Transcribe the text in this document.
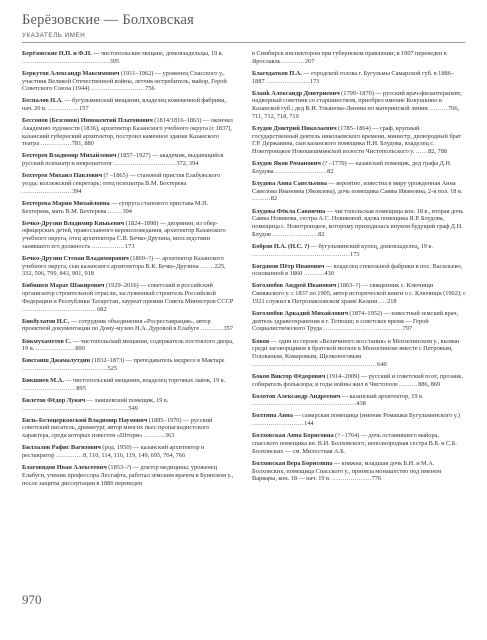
Берёзовские — Болховская
УКАЗАТЕЛЬ ИМЕН

Берёзовские Н.П. и Ф.Н. — чистопольские мещане, домовладельцы, 19 в. ..........................................395

Беркутов Александр Максимович (1911–1962) — уроженец Спасского у., участник Великой Отечественной войны, летчик-истребитель, майор, Герой Советского Союза (1944) ..........................756

Беспалов Н.А. — бугульминский мещанин, владелец кожевенной фабрики, нач. 20 в. ...............157

Бессонов (Безсонов) Иннокентий Платонович (1814/1816–1863) — окончил Академию художеств (1836), архитектор Казанского учебного округа (с 1837), казанский губернский архитектор, построил каменное здание Казанского театра ...............781, 880

Бехтерев Владимир Михайлович (1857–1927) — академик, выдающийся русский психиатр и невропатолог ..............................372, 394

Бехтерев Михаил Павлович (? –1865) — становой пристав Елабужского уезда; коллежский секретарь; отец психиатра В.М. Бехтерева ........................394

Бехтерева Мария Михайловна — супруга станового пристава М.П. Бехтерева, мать В.М. Бехтерева .......394

Бечко-Друзин Владимир Кныьевич (1824–1898) — дворянин, из обер-офицерских детей, православного вероисповедания, архитектор Казанского учебного округа, отец архитектора С.В. Бечко-Друзина, впоследствии занявшего его должность ................173

Бечко-Друзин Степан Владимирович (1869–?) — архитектор Казанского учебного округа, сын казанского архитектора В.К. Бечко-Друзина .......225, 332, 506, 799, 843, 901, 918

Бибишев Марат Шакирович (1929–2016) — советский и российский организатор строительной отрасли, заслуженный строитель Российской Федерации и Республики Татарстан, лауреат премии Совета Министров СССР ....................................682

Бикбулатов Н.С. — сотрудник объединения «Росреставрация», автор проектной документации по Дому-музею Н.А. Дуровой в Елабуге ...........357

Бикмухаметов С. — чистопольский мещанин, содержатель постоялого двора, 19 в. ...................890

Биктаиш Джамалутдин (1832–1873) — преподаватель медресе в Мактаре .........................................525

Бикшиев М.А. — чистопольский мещанин, владелец торговых лавок, 19 в. ..........................895

Билетов Фёдор Лукич — лаишевский помещик, 19 в. ...................................................549

Биль-Белоцерковский Владимир Наумович (1885–1970) — русский советский писатель, драматург, автор многих пьес пропагандистского характера, среди которых известен «Шторм» ..........363

Биллалов Рафис Вагизович (род. 1950) — казанский архитектор и реставратор .............8, 110, 114, 116, 119, 149, 695, 764, 766

Благовидов Иван Алексеевич (1853–?) — доктор медицины, уроженец Елабуги, ученик профессора Лесгафта, работал земским врачом в Буинском у., после защиты диссертации в 1886 переведен

в Симбирск инспектором при губернском правлении; в 1907 переведен в Ярославль ...........267

Благодатков П.А. — городской голова г. Бугульмы Самарской губ. в 1886–1887 .....................173

Блank Александр Дмитриевич (1799–1870) — русский врач-филантерапевт, надворный советник со старшинством, приобрел имение Кокушкино в Казанской губ.; дед В.И. Ульянова-Ленина по материнской линии .........706, 711, 712, 718, 719

Блудов Дмитрий Николаевич (1785–1864) — граф, крупный государственный деятель николаевского времени, министр, двоюродный брат Г.Р. Державина, сын казанского помещика Н.И. Блудова, владелец с. Новотроицкое Новошешминской волости Чистопольского у. ......82, 788

Блудов Яков Романович (? –1770) — казанский помещик, дед графа Д.Н. Блудова .........................82

Блудова Анна Савельевна — вероятно, известна в миру урожденная Анна Савелова Ивановна (Яковлева), дочь помещика Саввы Ивановна, 2-я пол. 18 в. .........82

Блудова Фёкла Саввична — чистопольская помещица кон. 18 в., вторая дочь Саввы Новикова, сестра А.С. Новиковой, вдова помещика Я.Р. Блудова, помещица с. Новотроицкое, которому приходилась внуком будущий граф Д.Н. Блудов ......................82

Бобров Н.А. (Н.С. ?) — бугульминский купец, домовладелец, 19 в. ...............................................173

Богданов Пётр Иванович — владелец стекольной фабрики в пос. Васильево, основанной в 1860 ..........430

Боголюбов Андрей Иванович (1863–?) — священник с. Ключищи Свияжского у. с 1837 по 1905, автор исторической книги о с. Ключищи (1902); с 1921 служил в Петропавловском храме Казани ....218

Боголюбов Аркадий Михайлович (1874–1952) — известный земский врач, деятель здравоохранения в г. Тетюши; в советское время — Герой Социалистического Труда ......................................797

Боков — один из героев «Величиного восстания» в Мензелинском у., вызван среди заговорщиков в братской могиле в Мензелинске вместе с Петровым, Голованым, Комаровым, Щелконоговым ............................................................640

Боков Виктор Фёдорович (1914–2009) — русский и советский поэт, прозаик, собиратель фольклора; в годы войны жил в Чистополе .........886, 869

Болотов Александр Андреевич — казанский архитектор, 19 в. ..................................................438

Болтина Анна — самарская помещица (имение Ромашки Бугульминского у.) .........................144

Болховская Анна Борисовна (? –1764) — дочь оставившего майора, спасского помещика кн. В.И. Болховского, неполнородная сестра В.Б. и С.Б. Болховских — см. Милостная А.Б.

Болховская Вера Борисовна — княжна, младшая дочь Б.И. и М.А. Болховских, помещица Спасского у., приняла монашество под именем Варвары, кон. 18 — нач. 19 в. ...................776

970
